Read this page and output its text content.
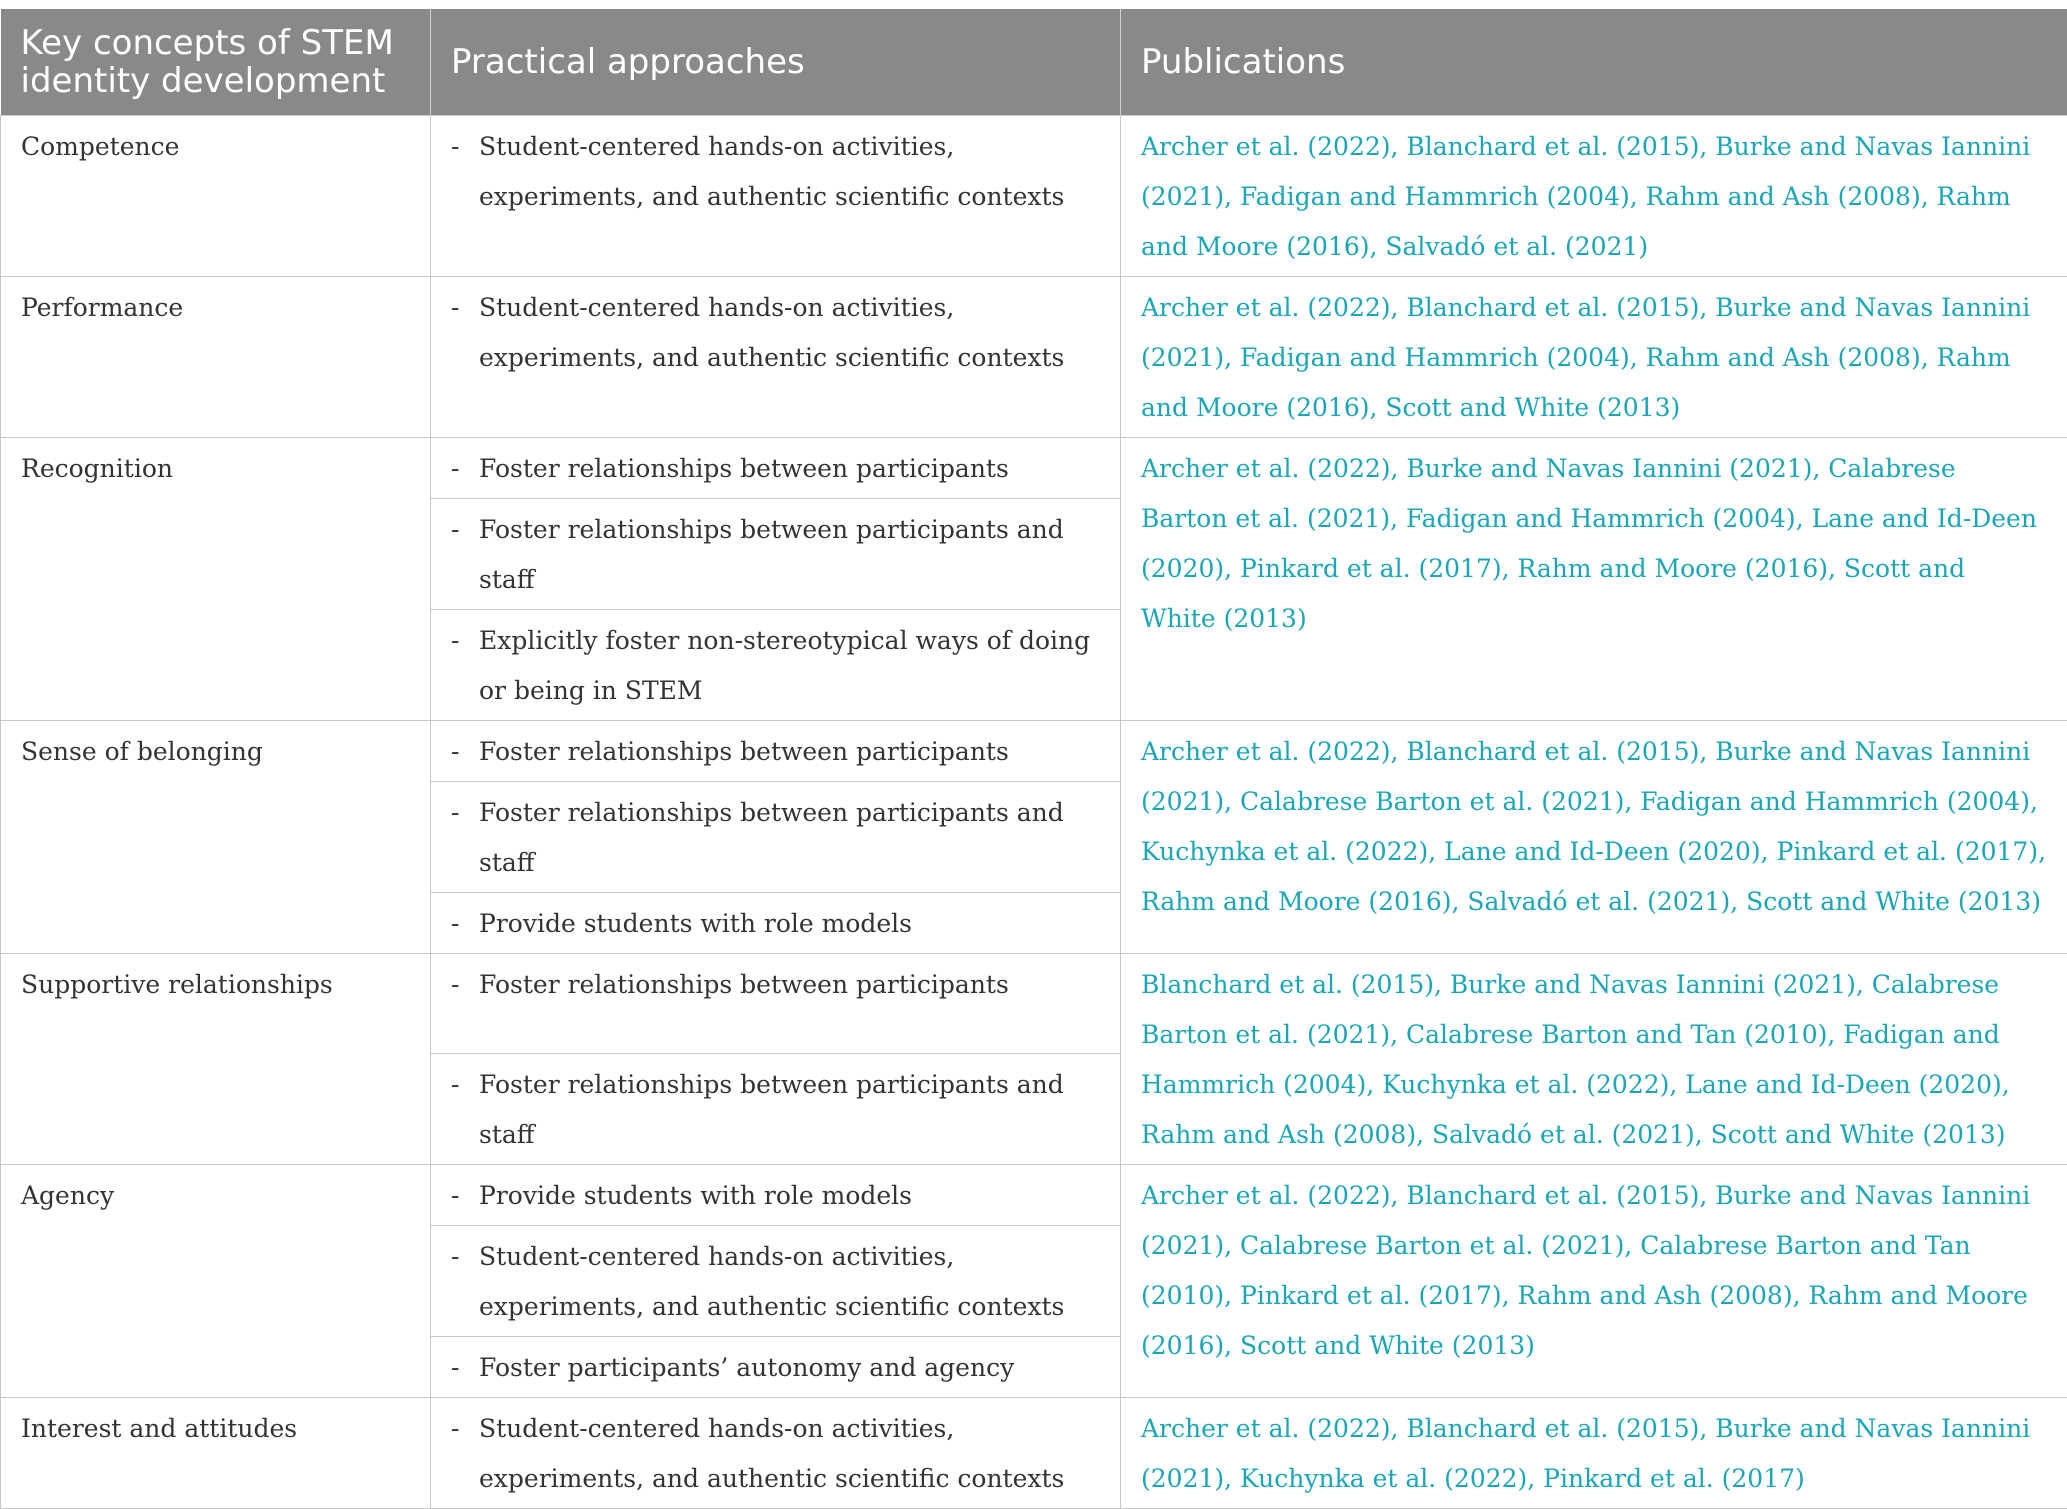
Key concepts of STEM identity development	Practical approaches	Publications
Competence	- Student-centered hands-on activities, experiments, and authentic scientific contexts	Archer et al. (2022), Blanchard et al. (2015), Burke and Navas Iannini (2021), Fadigan and Hammrich (2004), Rahm and Ash (2008), Rahm and Moore (2016), Salvadó et al. (2021)
Performance	- Student-centered hands-on activities, experiments, and authentic scientific contexts	Archer et al. (2022), Blanchard et al. (2015), Burke and Navas Iannini (2021), Fadigan and Hammrich (2004), Rahm and Ash (2008), Rahm and Moore (2016), Scott and White (2013)
Recognition	- Foster relationships between participants	Archer et al. (2022), Burke and Navas Iannini (2021), Calabrese Barton et al. (2021), Fadigan and Hammrich (2004), Lane and Id-Deen (2020), Pinkard et al. (2017), Rahm and Moore (2016), Scott and White (2013)

	- Foster relationships between participants and staff	

	- Explicitly foster non-stereotypical ways of doing or being in STEM	

Sense of belonging	- Foster relationships between participants	Archer et al. (2022), Blanchard et al. (2015), Burke and Navas Iannini (2021), Calabrese Barton et al. (2021), Fadigan and Hammrich (2004), Kuchynka et al. (2022), Lane and Id-Deen (2020), Pinkard et al. (2017), Rahm and Moore (2016), Salvadó et al. (2021), Scott and White (2013)

	- Foster relationships between participants and staff	

	- Provide students with role models	

Supportive relationships	- Foster relationships between participants	Blanchard et al. (2015), Burke and Navas Iannini (2021), Calabrese Barton et al. (2021), Calabrese Barton and Tan (2010), Fadigan and Hammrich (2004), Kuchynka et al. (2022), Lane and Id-Deen (2020), Rahm and Ash (2008), Salvadó et al. (2021), Scott and White (2013)

	- Foster relationships between participants and staff	

Agency	- Provide students with role models	Archer et al. (2022), Blanchard et al. (2015), Burke and Navas Iannini (2021), Calabrese Barton et al. (2021), Calabrese Barton and Tan (2010), Pinkard et al. (2017), Rahm and Ash (2008), Rahm and Moore (2016), Scott and White (2013)

	- Student-centered hands-on activities, experiments, and authentic scientific contexts	

	- Foster participants’ autonomy and agency	

Interest and attitudes	- Student-centered hands-on activities, experiments, and authentic scientific contexts	Archer et al. (2022), Blanchard et al. (2015), Burke and Navas Iannini (2021), Kuchynka et al. (2022), Pinkard et al. (2017)
